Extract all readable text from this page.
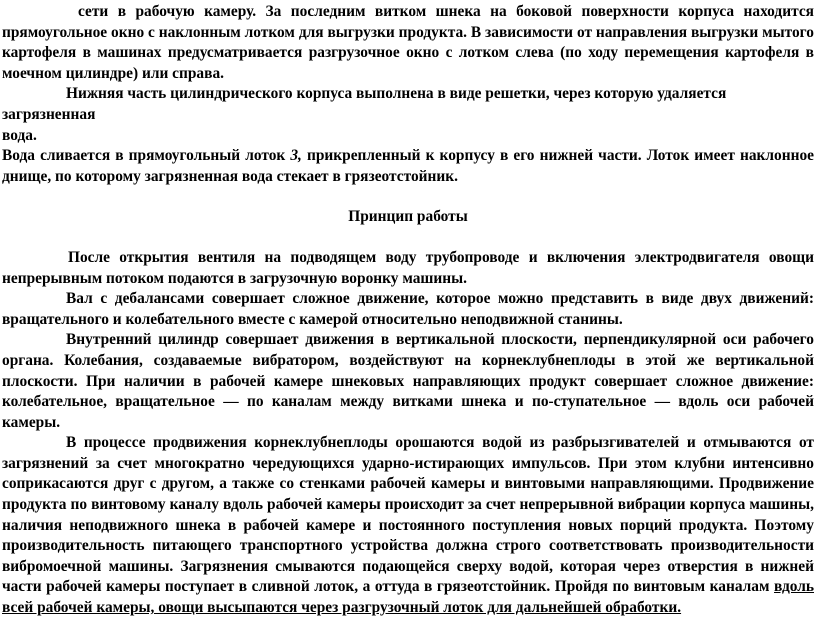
сети в рабочую камеру. За последним витком шнека на боковой поверхности корпуса находится прямоугольное окно с наклонным лотком для выгрузки продукта. В зависимости от направления выгрузки мытого картофеля в машинах предусматривается разгрузочное окно с лотком слева (по ходу перемещения картофеля в моечном цилиндре) или справа.

Нижняя часть цилиндрического корпуса выполнена в виде решетки, через которую удаляется загрязненная

вода.

Вода сливается в прямоугольный лоток 3, прикрепленный к корпусу в его нижней части. Лоток имеет наклонное днище, по которому загрязненная вода стекает в грязеотстойник.

Принцип работы

После открытия вентиля на подводящем воду трубопроводе и включения электродвигателя овощи непрерывным потоком подаются в загрузочную воронку машины.

Вал с дебалансами совершает сложное движение, которое можно представить в виде двух движений: вращательного и колебательного вместе с камерой относительно неподвижной станины.

Внутренний цилиндр совершает движения в вертикальной плоскости, перпендикулярной оси рабочего органа. Колебания, создаваемые вибратором, воздействуют на корнеклубнеплоды в этой же вертикальной плоскости. При наличии в рабочей камере шнековых направляющих продукт совершает сложное движение: колебательное, вращательное — по каналам между витками шнека и по-ступательное — вдоль оси рабочей камеры.

В процессе продвижения корнеклубнеплоды орошаются водой из разбрызгивателей и отмываются от загрязнений за счет многократно чередующихся ударно-истирающих импульсов. При этом клубни интенсивно соприкасаются друг с другом, а также со стенками рабочей камеры и винтовыми направляющими. Продвижение продукта по винтовому каналу вдоль рабочей камеры происходит за счет непрерывной вибрации корпуса машины, наличия неподвижного шнека в рабочей камере и постоянного поступления новых порций продукта. Поэтому производительность питающего транспортного устройства должна строго соответствовать производительности вибромоечной машины. Загрязнения смываются подающейся сверху водой, которая через отверстия в нижней части рабочей камеры поступает в сливной лоток, а оттуда в грязеотстойник. Пройдя по винтовым каналам вдоль всей рабочей камеры, овощи высыпаются через разгрузочный лоток для дальнейшей обработки.
